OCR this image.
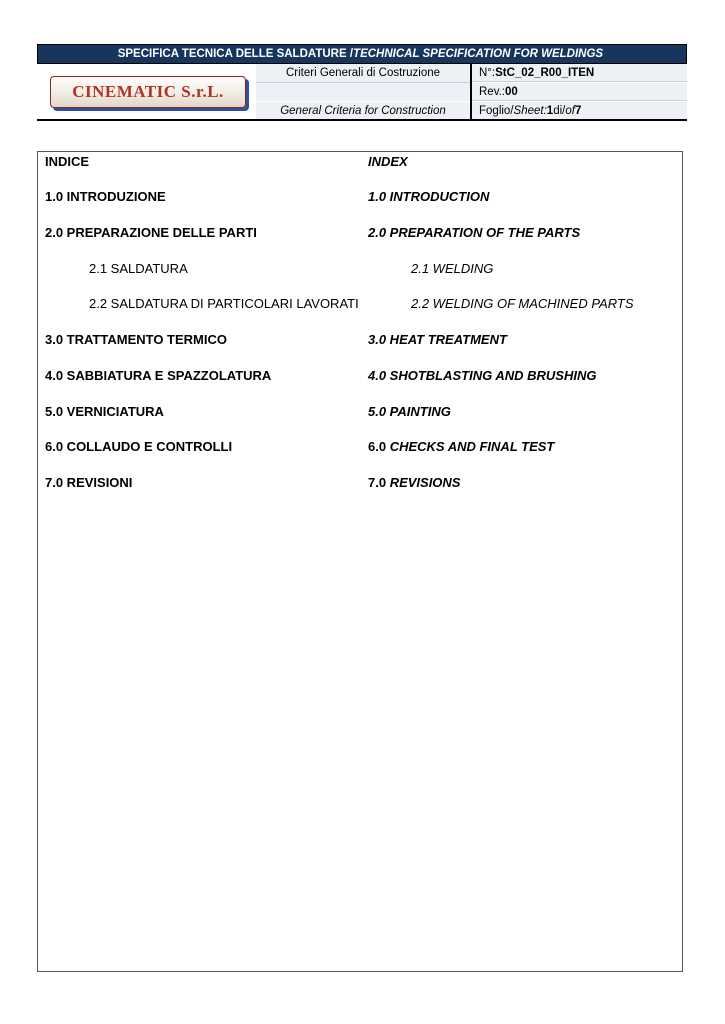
SPECIFICA TECNICA DELLE SALDATURE / TECHNICAL SPECIFICATION FOR WELDINGS

CINEMATIC S.r.L.
Criteri Generali di Costruzione
General Criteria for Construction
N°: StC_02_R00_ITEN
Rev.: 00
Foglio/ Sheet: 1 di/ of 7
INDICE	INDEX
1.0 INTRODUZIONE	1.0 INTRODUCTION
2.0 PREPARAZIONE DELLE PARTI	2.0 PREPARATION OF THE PARTS
2.1 SALDATURA	2.1 WELDING
2.2 SALDATURA DI PARTICOLARI LAVORATI	2.2 WELDING OF MACHINED PARTS
3.0 TRATTAMENTO TERMICO	3.0 HEAT TREATMENT
4.0 SABBIATURA E SPAZZOLATURA	4.0 SHOTBLASTING AND BRUSHING
5.0 VERNICIATURA	5.0 PAINTING
6.0 COLLAUDO E CONTROLLI	6.0 CHECKS AND FINAL TEST
7.0 REVISIONI	7.0 REVISIONS
